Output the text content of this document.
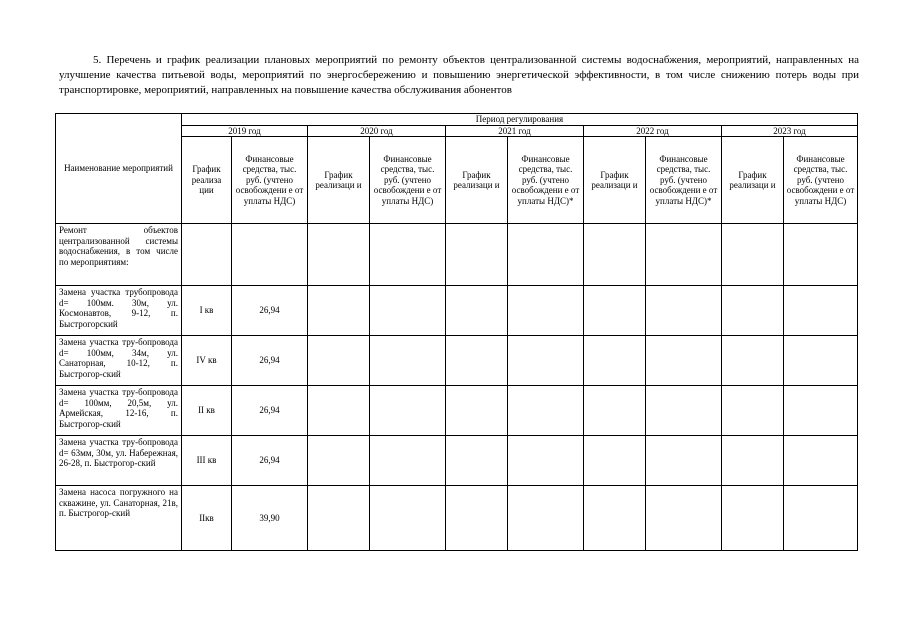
5. Перечень и график реализации плановых мероприятий по ремонту объектов централизованной системы водоснабжения, мероприятий, направленных на улучшение качества питьевой воды, мероприятий по энергосбережению и повышению энергетической эффективности, в том числе снижению потерь воды при транспортировке, мероприятий, направленных на повышение качества обслуживания абонентов

Наименование мероприятий	Период регулирования									
	2019 год		2020 год		2021 год		2022 год		2023 год	
	График реализа ции	Финансовые средства, тыс. руб. (учтено освобождени е от уплаты НДС)	График реализаци и	Финансовые средства, тыс. руб. (учтено освобождени е от уплаты НДС)	График реализаци и	Финансовые средства, тыс. руб. (учтено освобождени е от уплаты НДС)*	График реализаци и	Финансовые средства, тыс. руб. (учтено освобождени е от уплаты НДС)*	График реализаци и	Финансовые средства, тыс. руб. (учтено освобождени е от уплаты НДС)
Ремонт объектов централизованной системы водоснабжения, в том числе по мероприятиям:										
Замена участка трубопровода d= 100мм. 30м, ул. Космонавтов, 9-12, п. Быстрогорский	I кв	26,94								
Замена участка тру-бопровода d= 100мм, 34м, ул. Санаторная, 10-12, п. Быстрогор-ский	IV кв	26,94								
Замена участка тру-бопровода d= 100мм, 20,5м, ул. Армейская, 12-16, п. Быстрогор-ский	II кв	26,94								
Замена участка тру-бопровода d= 63мм, 30м, ул. Набережная, 26-28, п. Быстрогор-ский	III кв	26,94								
Замена насоса погружного на скважине, ул. Санаторная, 21в, п. Быстрогор-ский	IIкв	39,90								
